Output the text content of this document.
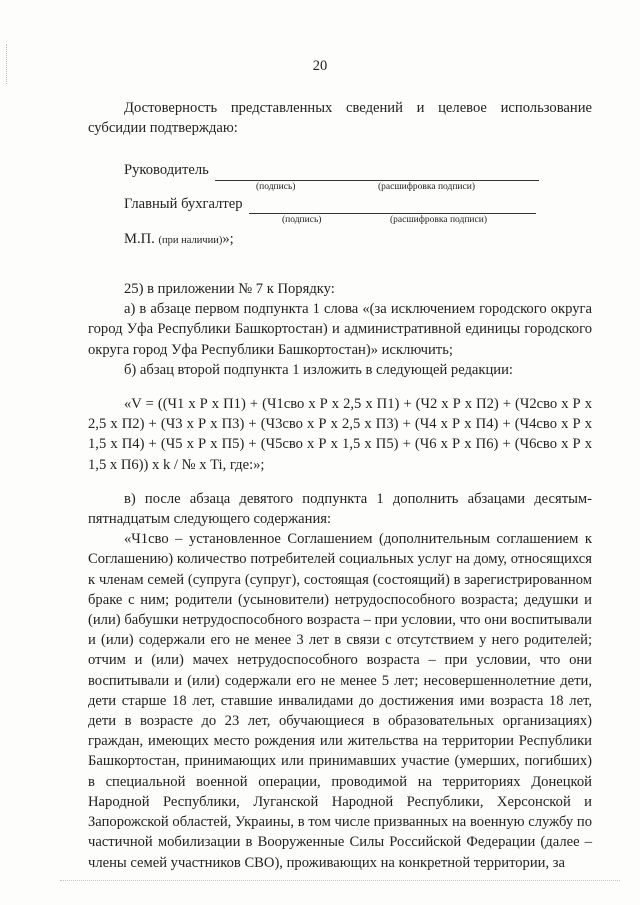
20

Достоверность представленных сведений и целевое использование субсидии подтверждаю:

Руководитель
(подпись)	(расшифровка подписи)
Главный бухгалтер
(подпись)	(расшифровка подписи)

М.П. (при наличии)»;

25) в приложении № 7 к Порядку:

а) в абзаце первом подпункта 1 слова «(за исключением городского округа город Уфа Республики Башкортостан) и административной единицы городского округа город Уфа Республики Башкортостан)» исключить;

б) абзац второй подпункта 1 изложить в следующей редакции:

«V = ((Ч1 х Р х П1) + (Ч1сво х Р х 2,5 х П1) + (Ч2 х Р х П2) + (Ч2сво х Р х 2,5 х П2) + (Ч3 х Р х П3) + (Ч3сво х Р х 2,5 х П3) + (Ч4 х Р х П4) + (Ч4сво х Р х 1,5 х П4) + (Ч5 х Р х П5) + (Ч5сво х Р х 1,5 х П5) + (Ч6 х Р х П6) + (Ч6сво х Р х 1,5 х П6)) х k / № х Ti, где:»;

в) после абзаца девятого подпункта 1 дополнить абзацами десятым-пятнадцатым следующего содержания:

«Ч1сво – установленное Соглашением (дополнительным соглашением к Соглашению) количество потребителей социальных услуг на дому, относящихся к членам семей (супруга (супруг), состоящая (состоящий) в зарегистрированном браке с ним; родители (усыновители) нетрудоспособного возраста; дедушки и (или) бабушки нетрудоспособного возраста – при условии, что они воспитывали и (или) содержали его не менее 3 лет в связи с отсутствием у него родителей; отчим и (или) мачех нетрудоспособного возраста – при условии, что они воспитывали и (или) содержали его не менее 5 лет; несовершеннолетние дети, дети старше 18 лет, ставшие инвалидами до достижения ими возраста 18 лет, дети в возрасте до 23 лет, обучающиеся в образовательных организациях) граждан, имеющих место рождения или жительства на территории Республики Башкортостан, принимающих или принимавших участие (умерших, погибших) в специальной военной операции, проводимой на территориях Донецкой Народной Республики, Луганской Народной Республики, Херсонской и Запорожской областей, Украины, в том числе призванных на военную службу по частичной мобилизации в Вооруженные Силы Российской Федерации (далее – члены семей участников СВО), проживающих на конкретной территории, за
